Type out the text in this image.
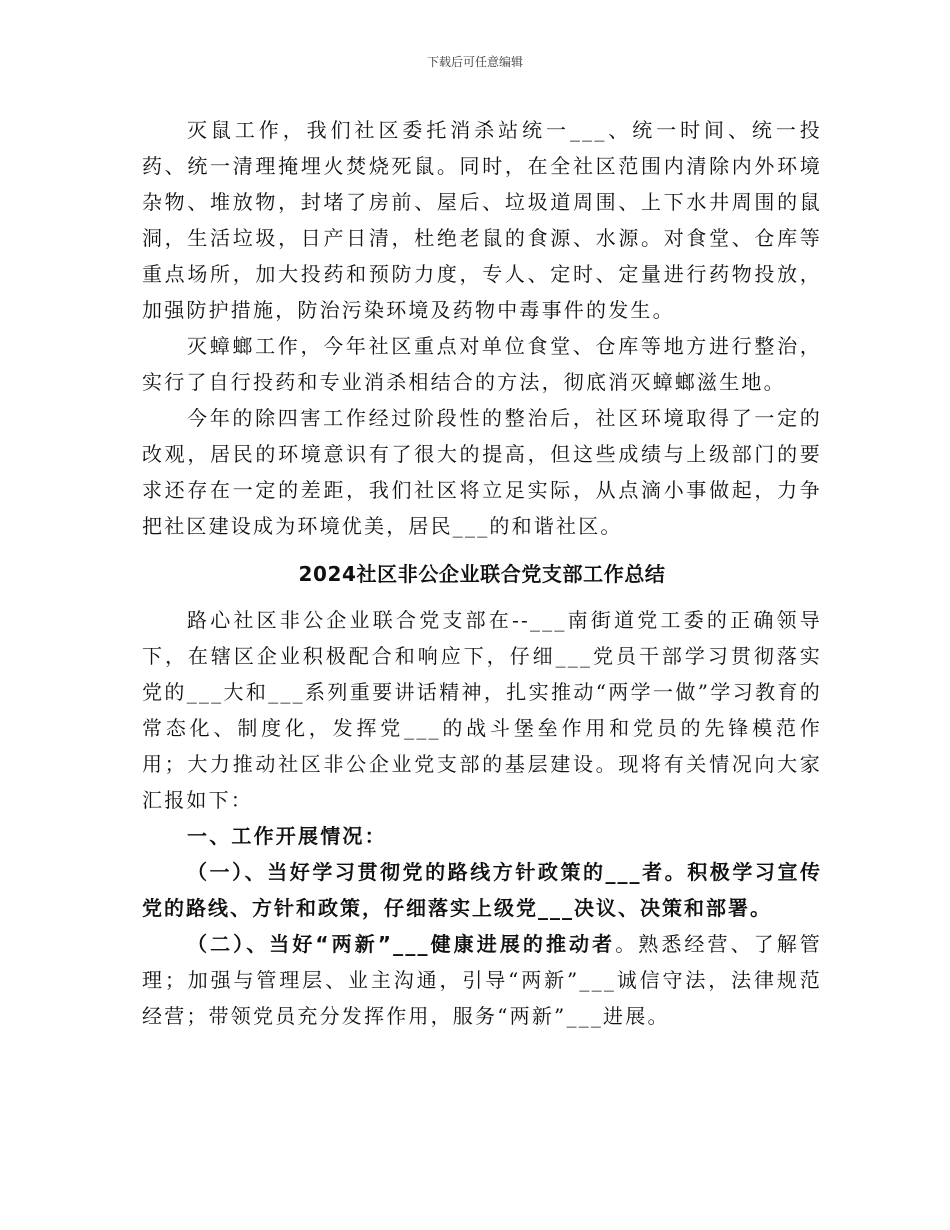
下载后可任意编辑

灭鼠工作，我们社区委托消杀站统一___、统一时间、统一投药、统一清理掩埋火焚烧死鼠。同时，在全社区范围内清除内外环境杂物、堆放物，封堵了房前、屋后、垃圾道周围、上下水井周围的鼠洞，生活垃圾，日产日清，杜绝老鼠的食源、水源。对食堂、仓库等重点场所，加大投药和预防力度，专人、定时、定量进行药物投放，加强防护措施，防治污染环境及药物中毒事件的发生。

灭蟑螂工作，今年社区重点对单位食堂、仓库等地方进行整治，实行了自行投药和专业消杀相结合的方法，彻底消灭蟑螂滋生地。

今年的除四害工作经过阶段性的整治后，社区环境取得了一定的改观，居民的环境意识有了很大的提高，但这些成绩与上级部门的要求还存在一定的差距，我们社区将立足实际，从点滴小事做起，力争把社区建设成为环境优美，居民___的和谐社区。

2024社区非公企业联合党支部工作总结

路心社区非公企业联合党支部在--___南街道党工委的正确领导下，在辖区企业积极配合和响应下，仔细___党员干部学习贯彻落实党的___大和___系列重要讲话精神，扎实推动“两学一做”学习教育的常态化、制度化，发挥党___的战斗堡垒作用和党员的先锋模范作用；大力推动社区非公企业党支部的基层建设。现将有关情况向大家汇报如下：

一、工作开展情况：

（一）、当好学习贯彻党的路线方针政策的___者。积极学习宣传党的路线、方针和政策，仔细落实上级党___决议、决策和部署。

（二）、当好“两新”___健康进展的推动者。熟悉经营、了解管理；加强与管理层、业主沟通，引导“两新”___诚信守法，法律规范经营；带领党员充分发挥作用，服务“两新”___进展。
